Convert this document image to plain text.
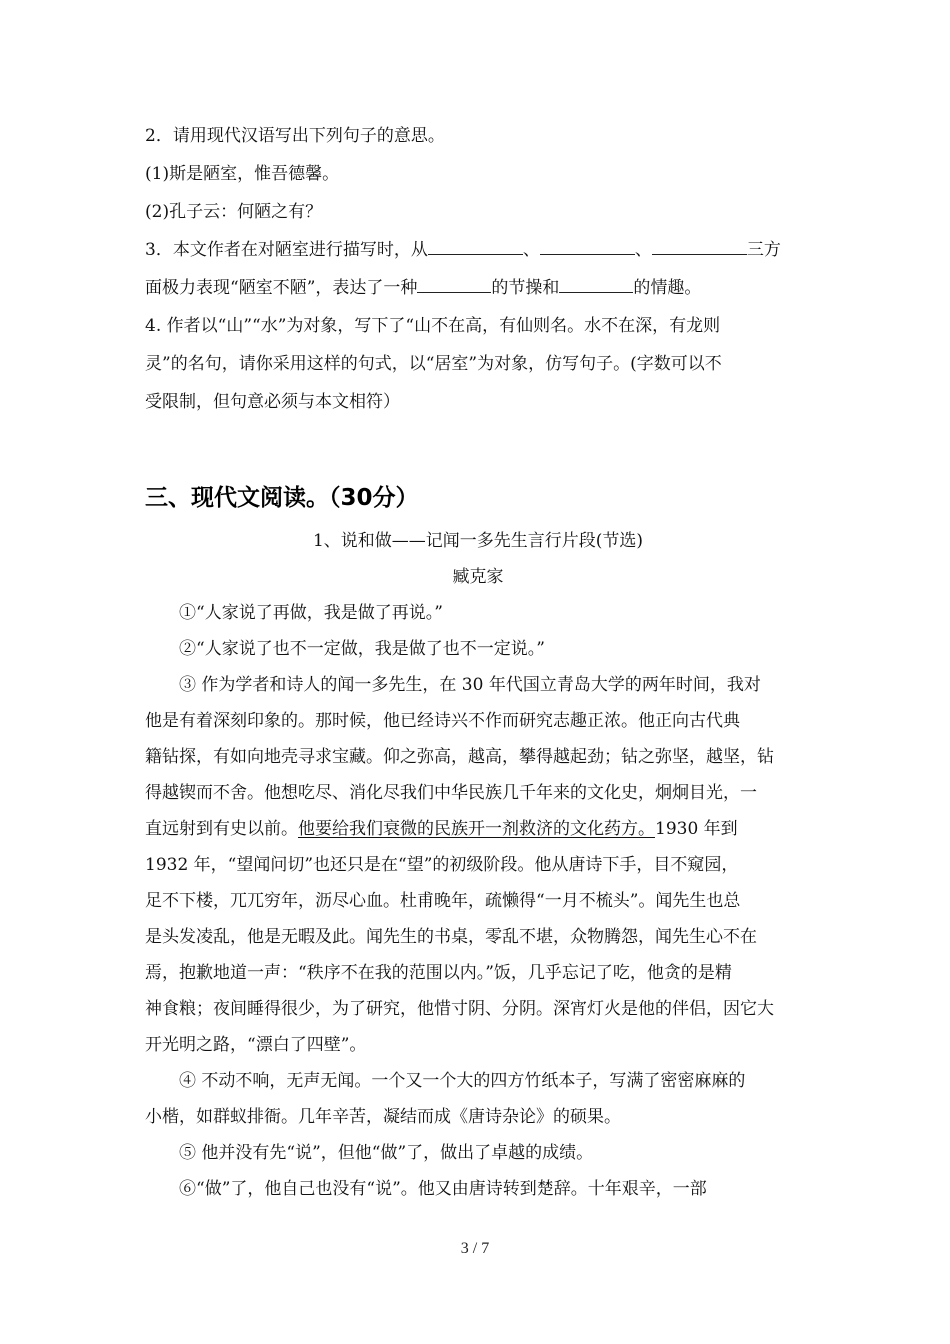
2．请用现代汉语写出下列句子的意思。
(1)斯是陋室，惟吾德馨。
(2)孔子云：何陋之有？
3．本文作者在对陋室进行描写时，从	、	、	三方
面极力表现“陋室不陋”，表达了一种	的节操和	的情趣。
4. 作者以“山”“水”为对象，写下了“山不在高，有仙则名。水不在深，有龙则
灵”的名句，请你采用这样的句式，以“居室”为对象，仿写句子。(字数可以不
受限制，但句意必须与本文相符）
三、现代文阅读。（30分）
1、说和做——记闻一多先生言行片段(节选)
臧克家
①“人家说了再做，我是做了再说。”
②“人家说了也不一定做，我是做了也不一定说。”
③ 作为学者和诗人的闻一多先生，在 30 年代国立青岛大学的两年时间，我对
他是有着深刻印象的。那时候，他已经诗兴不作而研究志趣正浓。他正向古代典
籍钻探，有如向地壳寻求宝藏。仰之弥高，越高，攀得越起劲；钻之弥坚，越坚，钻
得越锲而不舍。他想吃尽、消化尽我们中华民族几千年来的文化史，炯炯目光，一
直远射到有史以前。他要给我们衰微的民族开一剂救济的文化药方。1930 年到
1932 年，“望闻问切”也还只是在“望”的初级阶段。他从唐诗下手，目不窥园，
足不下楼，兀兀穷年，沥尽心血。杜甫晚年，疏懒得“一月不梳头”。闻先生也总
是头发凌乱，他是无暇及此。闻先生的书桌，零乱不堪，众物腾怨，闻先生心不在
焉，抱歉地道一声：“秩序不在我的范围以内。”饭，几乎忘记了吃，他贪的是精
神食粮；夜间睡得很少，为了研究，他惜寸阴、分阴。深宵灯火是他的伴侣，因它大
开光明之路，“漂白了四壁”。
④ 不动不响，无声无闻。一个又一个大的四方竹纸本子，写满了密密麻麻的
小楷，如群蚁排衙。几年辛苦，凝结而成《唐诗杂论》的硕果。
⑤ 他并没有先“说”，但他“做”了，做出了卓越的成绩。
⑥“做”了，他自己也没有“说”。他又由唐诗转到楚辞。十年艰辛，一部
3 / 7
